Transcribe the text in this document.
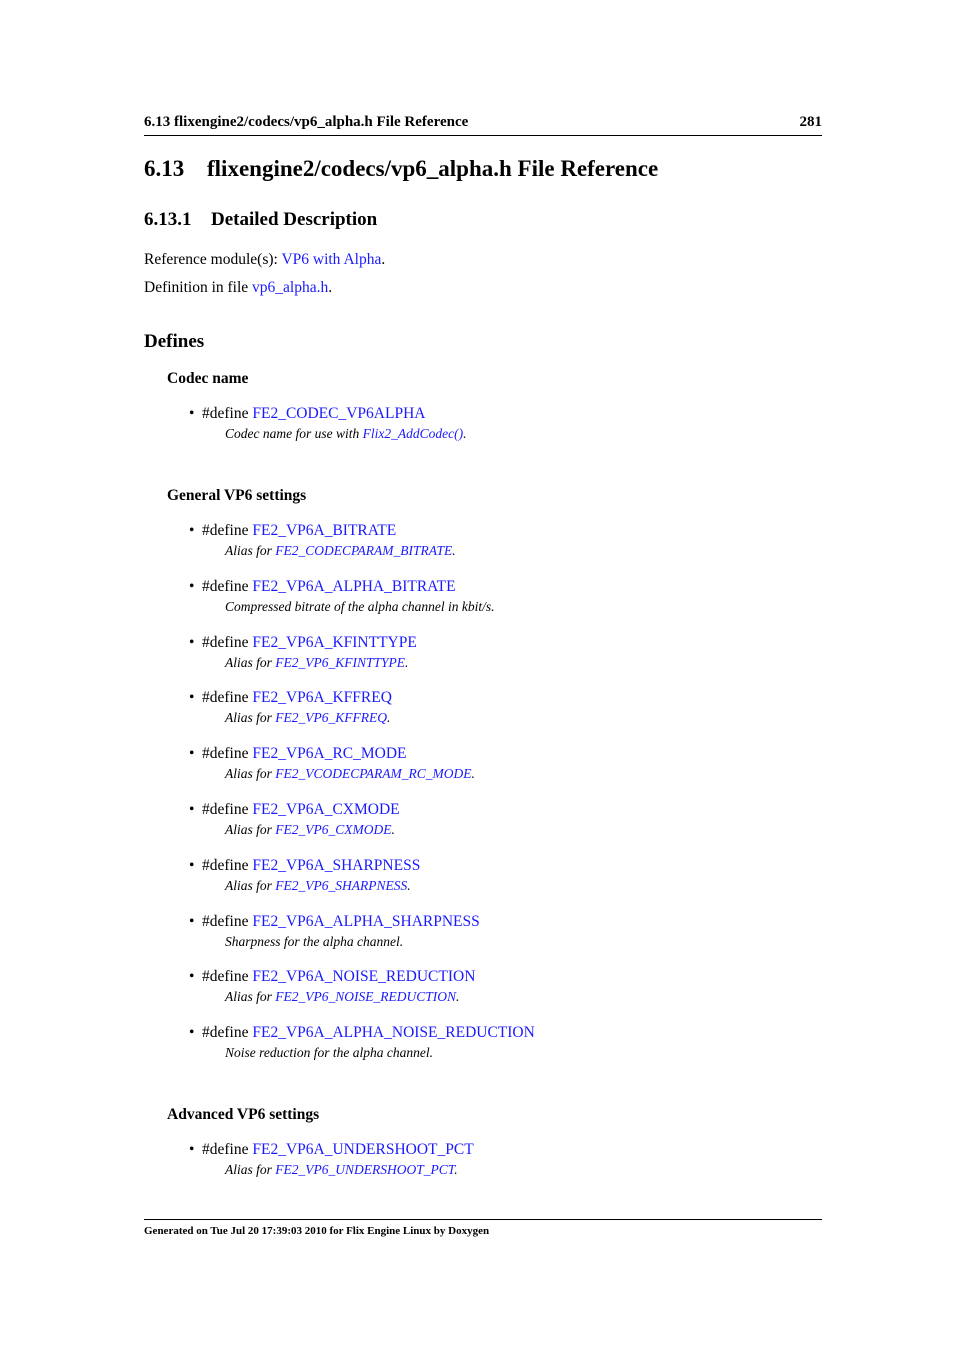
6.13 flixengine2/codecs/vp6_alpha.h File Reference	281
6.13 flixengine2/codecs/vp6_alpha.h File Reference
6.13.1 Detailed Description
Reference module(s): VP6 with Alpha.
Definition in file vp6_alpha.h.
Defines
Codec name
• #define FE2_CODEC_VP6ALPHA
Codec name for use with Flix2_AddCodec().
General VP6 settings
• #define FE2_VP6A_BITRATE
Alias for FE2_CODECPARAM_BITRATE.
• #define FE2_VP6A_ALPHA_BITRATE
Compressed bitrate of the alpha channel in kbit/s.
• #define FE2_VP6A_KFINTTYPE
Alias for FE2_VP6_KFINTTYPE.
• #define FE2_VP6A_KFFREQ
Alias for FE2_VP6_KFFREQ.
• #define FE2_VP6A_RC_MODE
Alias for FE2_VCODECPARAM_RC_MODE.
• #define FE2_VP6A_CXMODE
Alias for FE2_VP6_CXMODE.
• #define FE2_VP6A_SHARPNESS
Alias for FE2_VP6_SHARPNESS.
• #define FE2_VP6A_ALPHA_SHARPNESS
Sharpness for the alpha channel.
• #define FE2_VP6A_NOISE_REDUCTION
Alias for FE2_VP6_NOISE_REDUCTION.
• #define FE2_VP6A_ALPHA_NOISE_REDUCTION
Noise reduction for the alpha channel.
Advanced VP6 settings
• #define FE2_VP6A_UNDERSHOOT_PCT
Alias for FE2_VP6_UNDERSHOOT_PCT.
Generated on Tue Jul 20 17:39:03 2010 for Flix Engine Linux by Doxygen
